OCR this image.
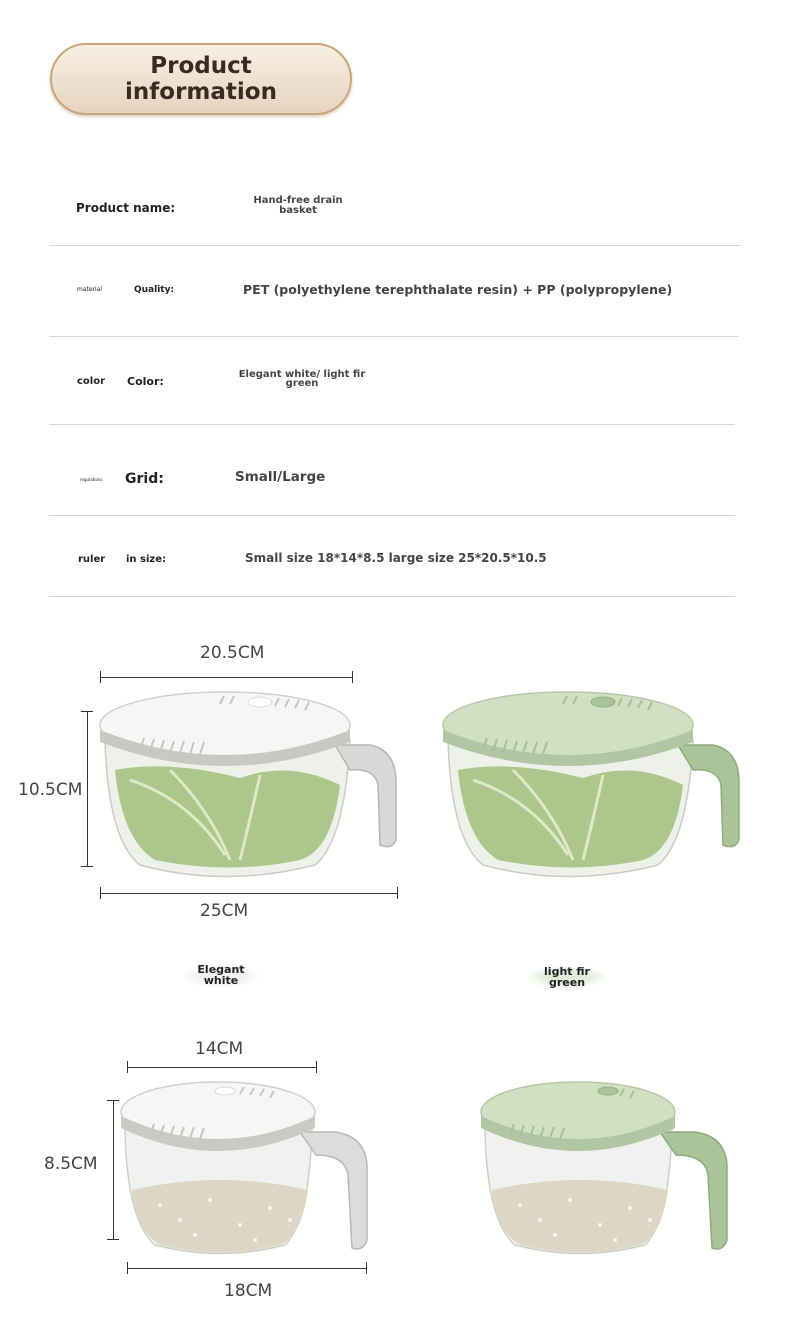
Product information
Product name:
Hand-free drain basket
material	Quality:	PET (polyethylene terephthalate resin) + PP (polypropylene)
color Color:
Elegant white/ light fir green
regulations Grid:	Small/Large
ruler in size:	Small size 18*14*8.5 large size 25*20.5*10.5
20.5CM
10.5CM
25CM
Elegant white
light fir green
14CM
8.5CM
18CM
